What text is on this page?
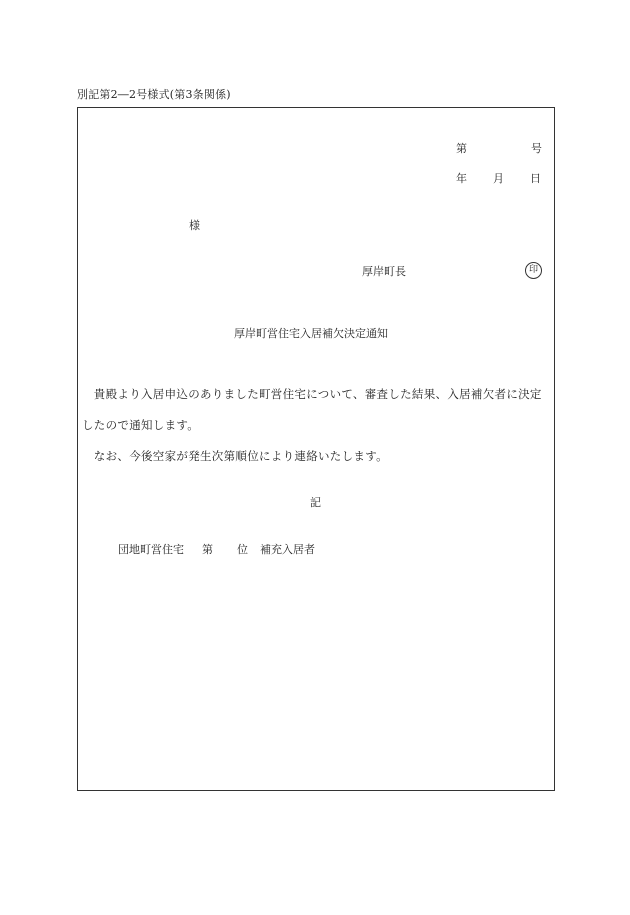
別記第2―2号様式(第3条関係)
第	号
年 月 日
様
厚岸町長	印
厚岸町営住宅入居補欠決定通知
　貴殿より入居申込のありました町営住宅について、審査した結果、入居補欠者に決定
したので通知します。
　なお、今後空家が発生次第順位により連絡いたします。
記
団地町営住宅 第 位 補充入居者
